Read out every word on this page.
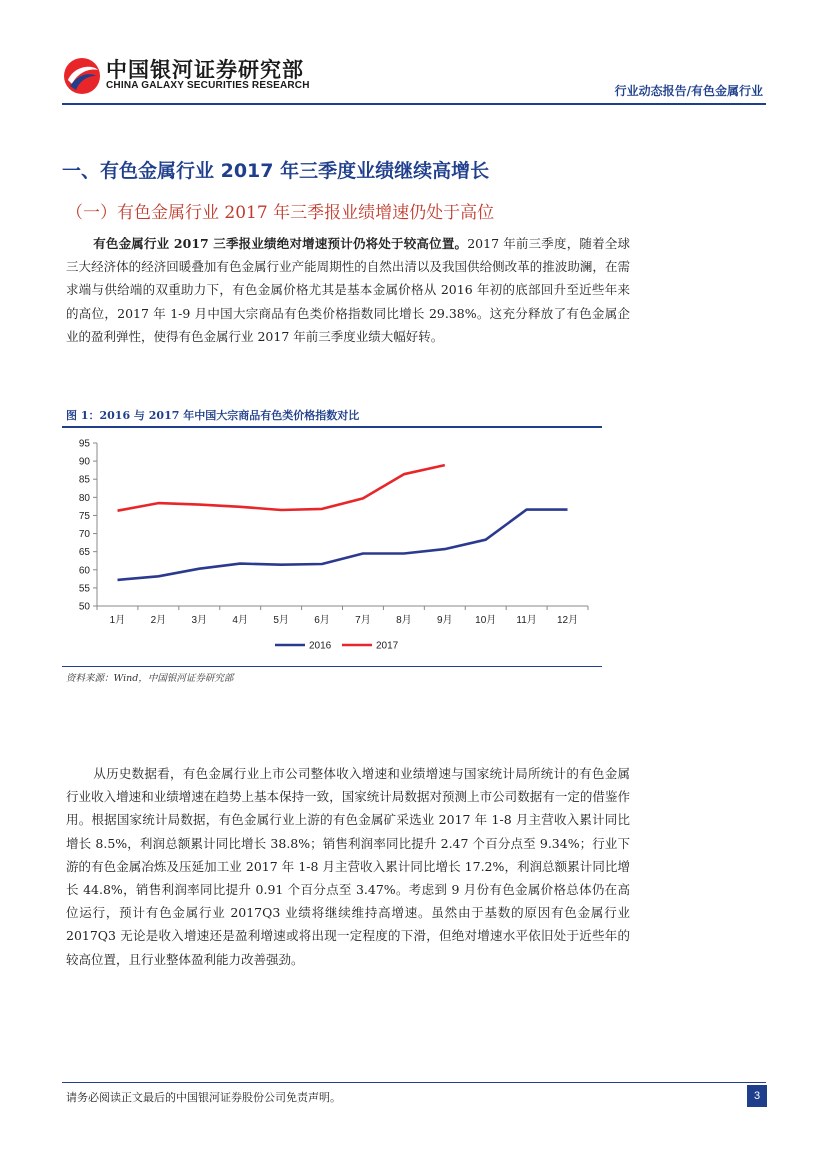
中国银河证券研究部
CHINA GALAXY SECURITIES RESEARCH	行业动态报告/有色金属行业
一、有色金属行业 2017 年三季度业绩继续高增长
（一）有色金属行业 2017 年三季报业绩增速仍处于高位
有色金属行业 2017 三季报业绩绝对增速预计仍将处于较高位置。2017 年前三季度，随着全球三大经济体的经济回暖叠加有色金属行业产能周期性的自然出清以及我国供给侧改革的推波助澜，在需求端与供给端的双重助力下，有色金属价格尤其是基本金属价格从 2016 年初的底部回升至近些年来的高位，2017 年 1-9 月中国大宗商品有色类价格指数同比增长 29.38%。这充分释放了有色金属企业的盈利弹性，使得有色金属行业 2017 年前三季度业绩大幅好转。
图 1：2016 与 2017 年中国大宗商品有色类价格指数对比
50
55
60
65
70
75
80
85
90
95
1月	2月	3月	4月	5月	6月	7月	8月	9月 10月 11月 12月
2016	2017
资料来源：Wind，中国银河证券研究部
从历史数据看，有色金属行业上市公司整体收入增速和业绩增速与国家统计局所统计的有色金属行业收入增速和业绩增速在趋势上基本保持一致，国家统计局数据对预测上市公司数据有一定的借鉴作用。根据国家统计局数据，有色金属行业上游的有色金属矿采选业 2017 年 1-8 月主营收入累计同比增长 8.5%，利润总额累计同比增长 38.8%；销售利润率同比提升 2.47 个百分点至 9.34%；行业下游的有色金属冶炼及压延加工业 2017 年 1-8 月主营收入累计同比增长 17.2%，利润总额累计同比增长 44.8%，销售利润率同比提升 0.91 个百分点至 3.47%。考虑到 9 月份有色金属价格总体仍在高位运行，预计有色金属行业 2017Q3 业绩将继续维持高增速。虽然由于基数的原因有色金属行业 2017Q3 无论是收入增速还是盈利增速或将出现一定程度的下滑，但绝对增速水平依旧处于近些年的较高位置，且行业整体盈利能力改善强劲。
请务必阅读正文最后的中国银河证券股份公司免责声明。	3
